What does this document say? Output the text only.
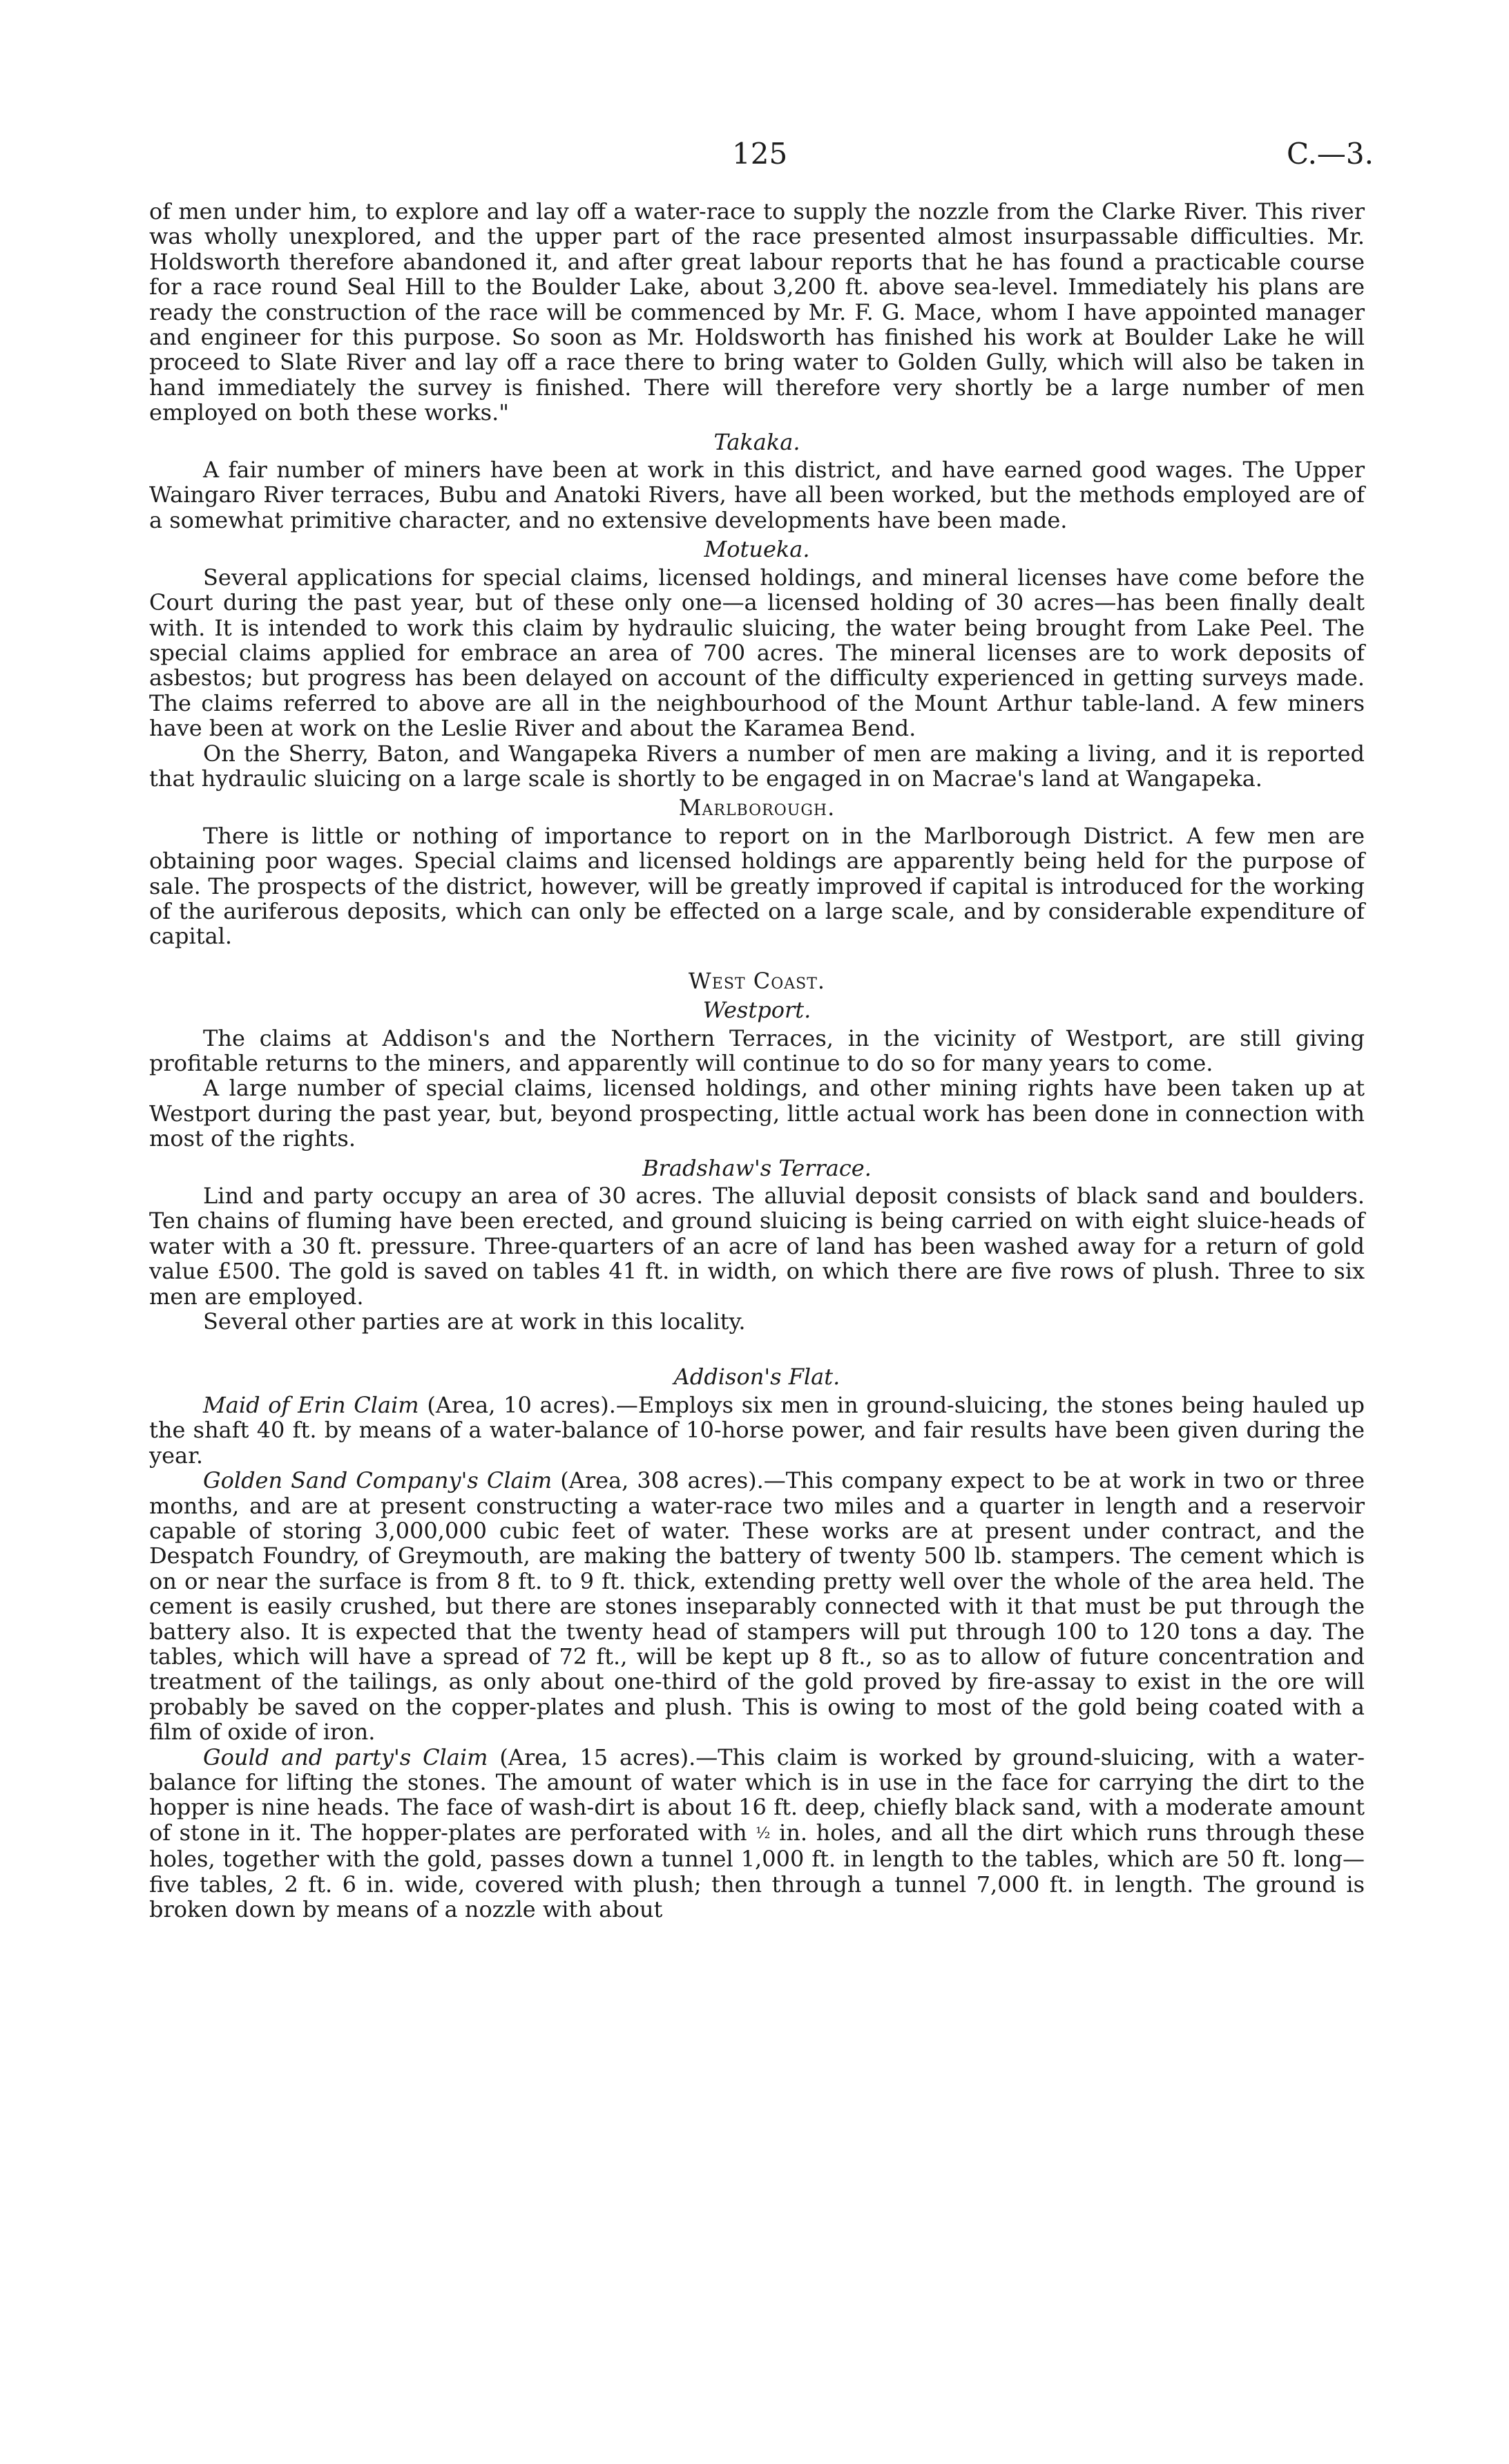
125	C.—3.

of men under him, to explore and lay off a water-race to supply the nozzle from the Clarke River. This river was wholly unexplored, and the upper part of the race presented almost insurpassable difficulties. Mr. Holdsworth therefore abandoned it, and after great labour reports that he has found a practicable course for a race round Seal Hill to the Boulder Lake, about 3,200 ft. above sea-level. Immediately his plans are ready the construction of the race will be commenced by Mr. F. G. Mace, whom I have appointed manager and engineer for this purpose. So soon as Mr. Holdsworth has finished his work at Boulder Lake he will proceed to Slate River and lay off a race there to bring water to Golden Gully, which will also be taken in hand immediately the survey is finished. There will therefore very shortly be a large number of men employed on both these works."

Takaka.

A fair number of miners have been at work in this district, and have earned good wages. The Upper Waingaro River terraces, Bubu and Anatoki Rivers, have all been worked, but the methods employed are of a somewhat primitive character, and no extensive developments have been made.

Motueka.

Several applications for special claims, licensed holdings, and mineral licenses have come before the Court during the past year, but of these only one—a licensed holding of 30 acres—has been finally dealt with. It is intended to work this claim by hydraulic sluicing, the water being brought from Lake Peel. The special claims applied for embrace an area of 700 acres. The mineral licenses are to work deposits of asbestos; but progress has been delayed on account of the difficulty experienced in getting surveys made. The claims referred to above are all in the neighbourhood of the Mount Arthur table-land. A few miners have been at work on the Leslie River and about the Karamea Bend.

On the Sherry, Baton, and Wangapeka Rivers a number of men are making a living, and it is reported that hydraulic sluicing on a large scale is shortly to be engaged in on Macrae's land at Wangapeka.

Marlborough.

There is little or nothing of importance to report on in the Marlborough District. A few men are obtaining poor wages. Special claims and licensed holdings are apparently being held for the purpose of sale. The prospects of the district, however, will be greatly improved if capital is introduced for the working of the auriferous deposits, which can only be effected on a large scale, and by considerable expenditure of capital.

West Coast.
Westport.

The claims at Addison's and the Northern Terraces, in the vicinity of Westport, are still giving profitable returns to the miners, and apparently will continue to do so for many years to come.

A large number of special claims, licensed holdings, and other mining rights have been taken up at Westport during the past year, but, beyond prospecting, little actual work has been done in connection with most of the rights.

Bradshaw's Terrace.

Lind and party occupy an area of 30 acres. The alluvial deposit consists of black sand and boulders. Ten chains of fluming have been erected, and ground sluicing is being carried on with eight sluice-heads of water with a 30 ft. pressure. Three-quarters of an acre of land has been washed away for a return of gold value £500. The gold is saved on tables 41 ft. in width, on which there are five rows of plush. Three to six men are employed.

Several other parties are at work in this locality.

Addison's Flat.

Maid of Erin Claim (Area, 10 acres).—Employs six men in ground-sluicing, the stones being hauled up the shaft 40 ft. by means of a water-balance of 10-horse power, and fair results have been given during the year.

Golden Sand Company's Claim (Area, 308 acres).—This company expect to be at work in two or three months, and are at present constructing a water-race two miles and a quarter in length and a reservoir capable of storing 3,000,000 cubic feet of water. These works are at present under contract, and the Despatch Foundry, of Greymouth, are making the battery of twenty 500 lb. stampers. The cement which is on or near the surface is from 8 ft. to 9 ft. thick, extending pretty well over the whole of the area held. The cement is easily crushed, but there are stones inseparably connected with it that must be put through the battery also. It is expected that the twenty head of stampers will put through 100 to 120 tons a day. The tables, which will have a spread of 72 ft., will be kept up 8 ft., so as to allow of future concentration and treatment of the tailings, as only about one-third of the gold proved by fire-assay to exist in the ore will probably be saved on the copper-plates and plush. This is owing to most of the gold being coated with a film of oxide of iron.

Gould and party's Claim (Area, 15 acres).—This claim is worked by ground-sluicing, with a water-balance for lifting the stones. The amount of water which is in use in the face for carrying the dirt to the hopper is nine heads. The face of wash-dirt is about 16 ft. deep, chiefly black sand, with a moderate amount of stone in it. The hopper-plates are perforated with ½ in. holes, and all the dirt which runs through these holes, together with the gold, passes down a tunnel 1,000 ft. in length to the tables, which are 50 ft. long—five tables, 2 ft. 6 in. wide, covered with plush; then through a tunnel 7,000 ft. in length. The ground is broken down by means of a nozzle with about
